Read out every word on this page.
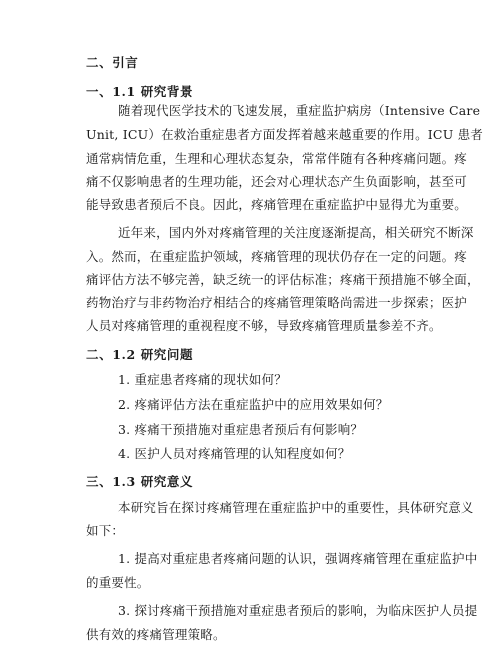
二、引言
一、1.1 研究背景
随着现代医学技术的飞速发展，重症监护病房（Intensive Care
Unit, ICU）在救治重症患者方面发挥着越来越重要的作用。ICU 患者
通常病情危重，生理和心理状态复杂，常常伴随有各种疼痛问题。疼
痛不仅影响患者的生理功能，还会对心理状态产生负面影响，甚至可
能导致患者预后不良。因此，疼痛管理在重症监护中显得尤为重要。
近年来，国内外对疼痛管理的关注度逐渐提高，相关研究不断深
入。然而，在重症监护领域，疼痛管理的现状仍存在一定的问题。疼
痛评估方法不够完善，缺乏统一的评估标准；疼痛干预措施不够全面，
药物治疗与非药物治疗相结合的疼痛管理策略尚需进一步探索；医护
人员对疼痛管理的重视程度不够，导致疼痛管理质量参差不齐。
二、1.2 研究问题
1. 重症患者疼痛的现状如何？
2. 疼痛评估方法在重症监护中的应用效果如何？
3. 疼痛干预措施对重症患者预后有何影响？
4. 医护人员对疼痛管理的认知程度如何？
三、1.3 研究意义
本研究旨在探讨疼痛管理在重症监护中的重要性，具体研究意义
如下：
1. 提高对重症患者疼痛问题的认识，强调疼痛管理在重症监护中
的重要性。
3. 探讨疼痛干预措施对重症患者预后的影响，为临床医护人员提
供有效的疼痛管理策略。
